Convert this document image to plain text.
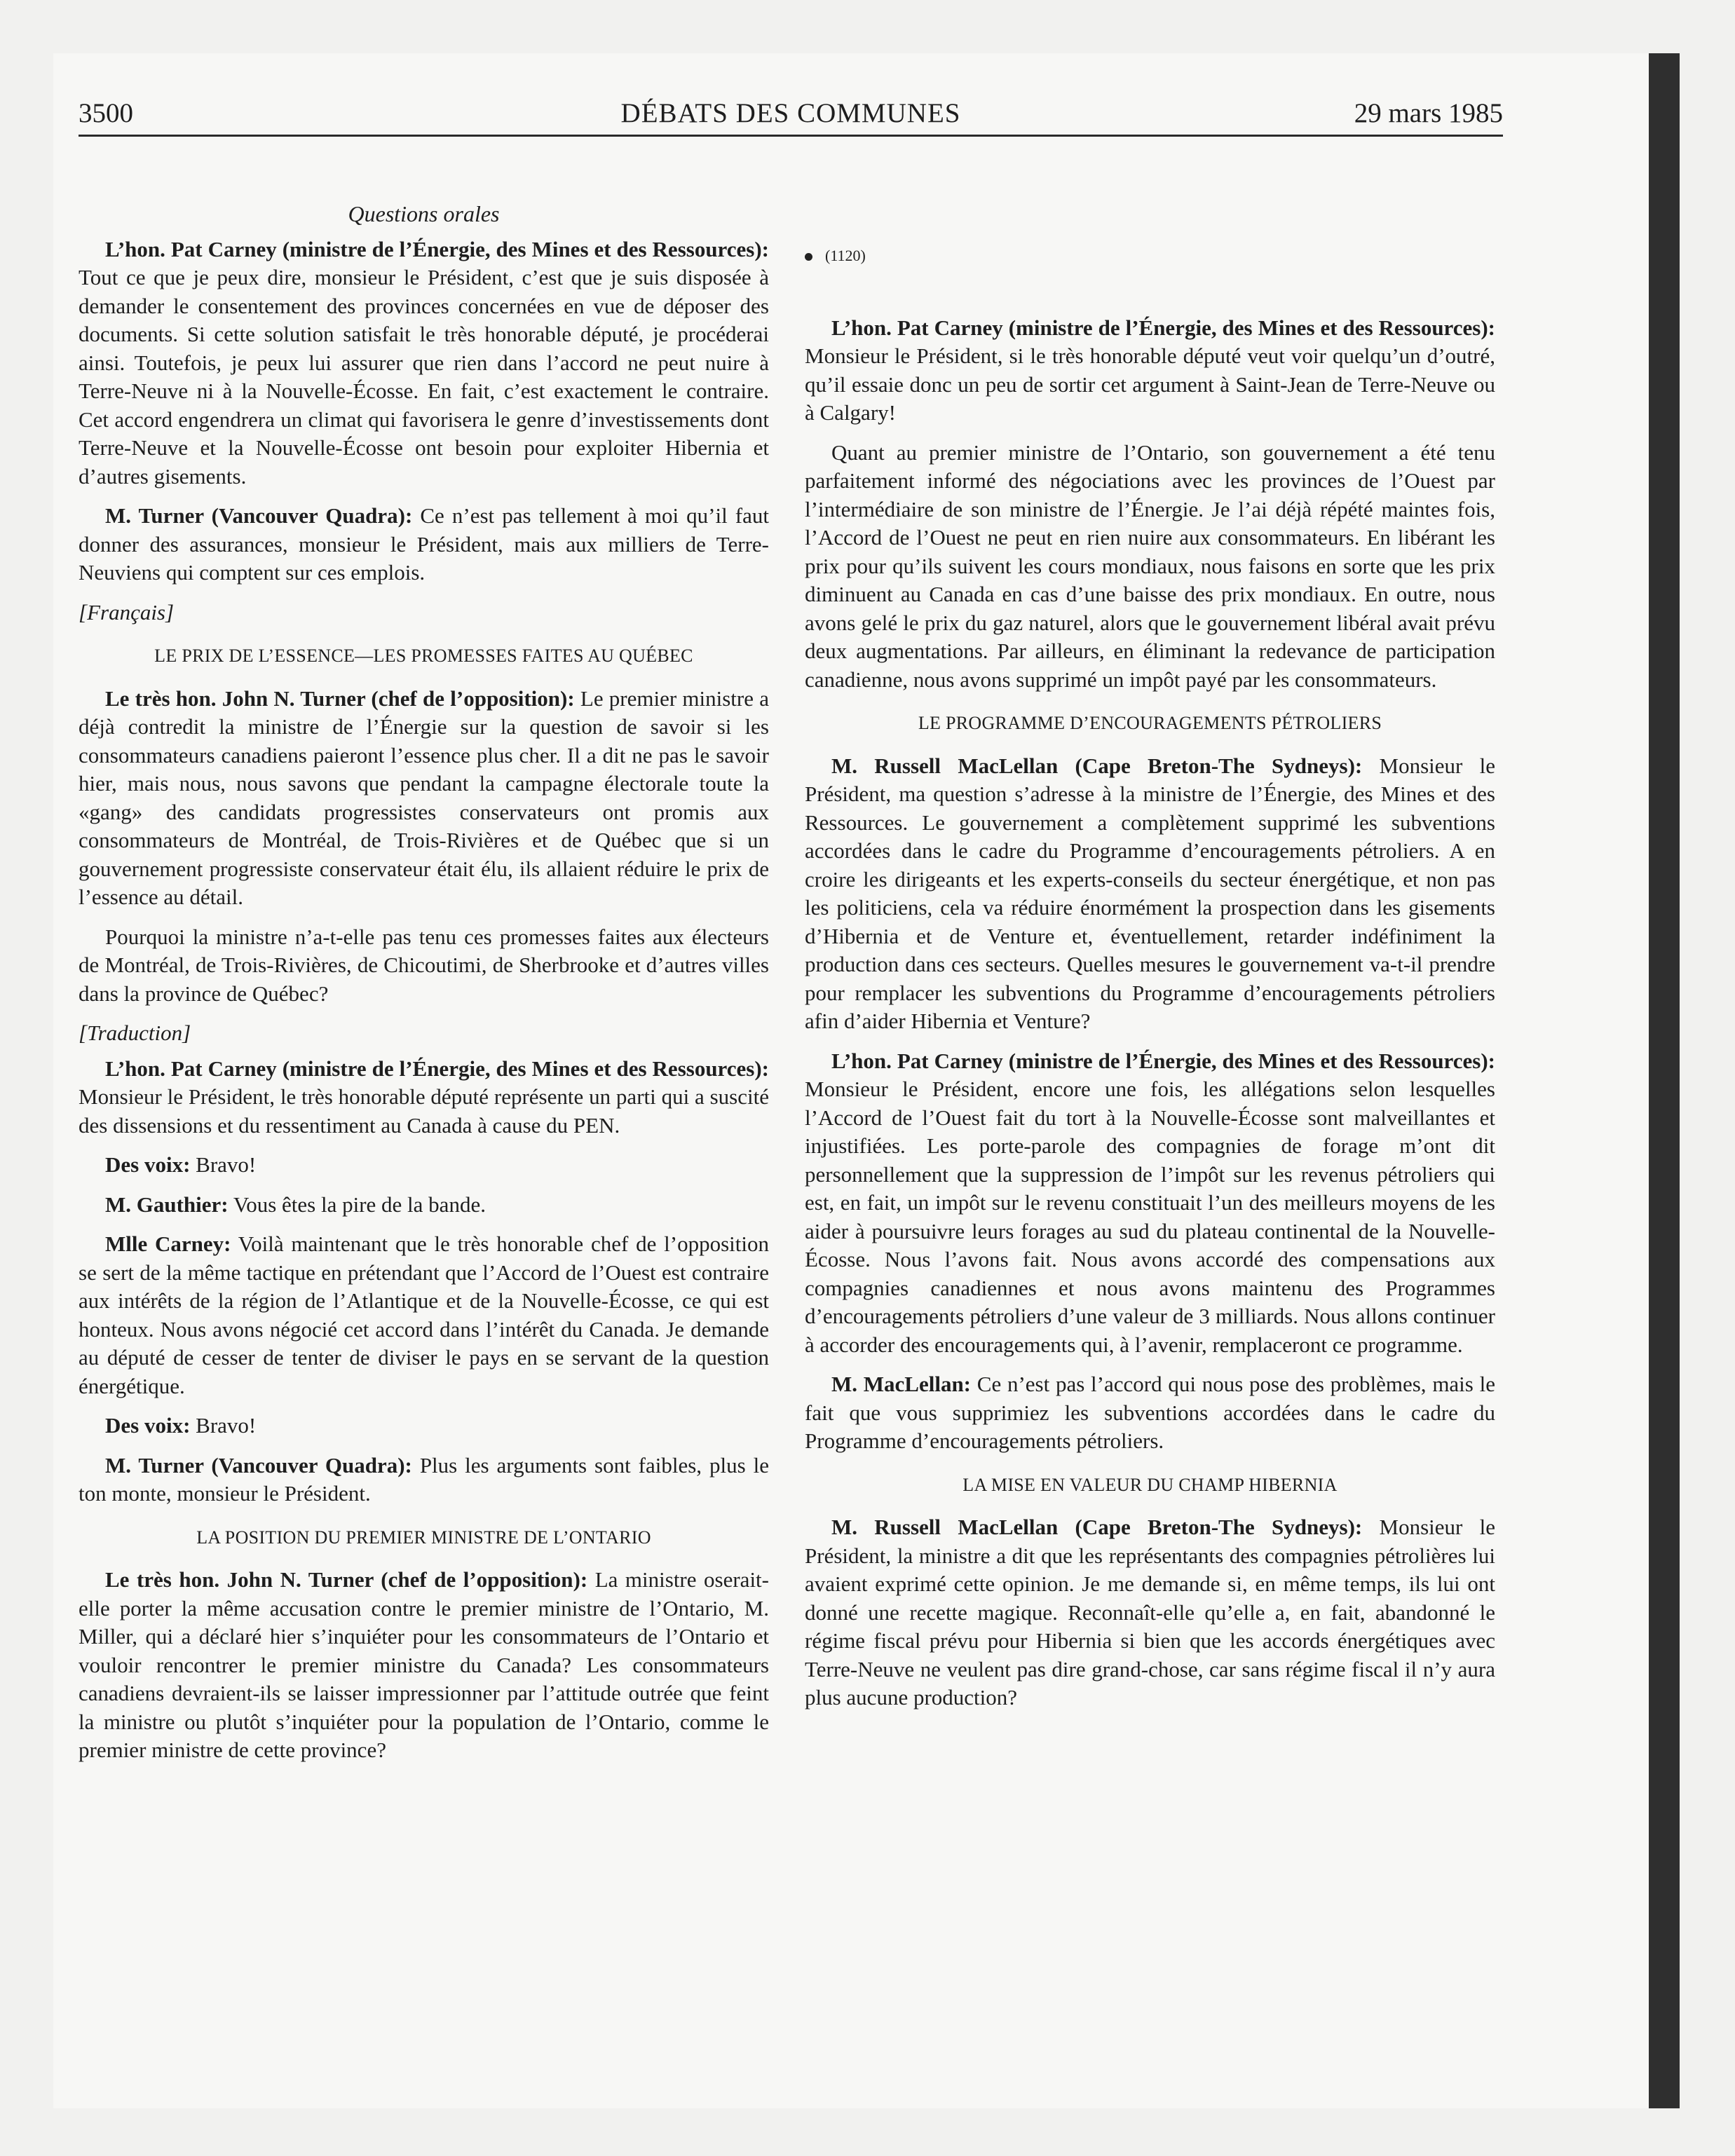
3500	DÉBATS DES COMMUNES	29 mars 1985
Questions orales

L’hon. Pat Carney (ministre de l’Énergie, des Mines et des Ressources): Tout ce que je peux dire, monsieur le Président, c’est que je suis disposée à demander le consentement des provinces concernées en vue de déposer des documents. Si cette solution satisfait le très honorable député, je procéderai ainsi. Toutefois, je peux lui assurer que rien dans l’accord ne peut nuire à Terre-Neuve ni à la Nouvelle-Écosse. En fait, c’est exactement le contraire. Cet accord engendrera un climat qui favorisera le genre d’investissements dont Terre-Neuve et la Nouvelle-Écosse ont besoin pour exploiter Hibernia et d’autres gisements.

M. Turner (Vancouver Quadra): Ce n’est pas tellement à moi qu’il faut donner des assurances, monsieur le Président, mais aux milliers de Terre-Neuviens qui comptent sur ces emplois.

[Français]
LE PRIX DE L’ESSENCE—LES PROMESSES FAITES AU QUÉBEC

Le très hon. John N. Turner (chef de l’opposition): Le premier ministre a déjà contredit la ministre de l’Énergie sur la question de savoir si les consommateurs canadiens paieront l’essence plus cher. Il a dit ne pas le savoir hier, mais nous, nous savons que pendant la campagne électorale toute la «gang» des candidats progressistes conservateurs ont promis aux consommateurs de Montréal, de Trois-Rivières et de Québec que si un gouvernement progressiste conservateur était élu, ils allaient réduire le prix de l’essence au détail.

Pourquoi la ministre n’a-t-elle pas tenu ces promesses faites aux électeurs de Montréal, de Trois-Rivières, de Chicoutimi, de Sherbrooke et d’autres villes dans la province de Québec?

[Traduction]

L’hon. Pat Carney (ministre de l’Énergie, des Mines et des Ressources): Monsieur le Président, le très honorable député représente un parti qui a suscité des dissensions et du ressentiment au Canada à cause du PEN.

Des voix: Bravo!

M. Gauthier: Vous êtes la pire de la bande.

Mlle Carney: Voilà maintenant que le très honorable chef de l’opposition se sert de la même tactique en prétendant que l’Accord de l’Ouest est contraire aux intérêts de la région de l’Atlantique et de la Nouvelle-Écosse, ce qui est honteux. Nous avons négocié cet accord dans l’intérêt du Canada. Je demande au député de cesser de tenter de diviser le pays en se servant de la question énergétique.

Des voix: Bravo!

M. Turner (Vancouver Quadra): Plus les arguments sont faibles, plus le ton monte, monsieur le Président.

LA POSITION DU PREMIER MINISTRE DE L’ONTARIO

Le très hon. John N. Turner (chef de l’opposition): La ministre oserait-elle porter la même accusation contre le premier ministre de l’Ontario, M. Miller, qui a déclaré hier s’inquiéter pour les consommateurs de l’Ontario et vouloir rencontrer le premier ministre du Canada? Les consommateurs canadiens devraient-ils se laisser impressionner par l’attitude outrée que feint la ministre ou plutôt s’inquiéter pour la population de l’Ontario, comme le premier ministre de cette province?

(1120)

L’hon. Pat Carney (ministre de l’Énergie, des Mines et des Ressources): Monsieur le Président, si le très honorable député veut voir quelqu’un d’outré, qu’il essaie donc un peu de sortir cet argument à Saint-Jean de Terre-Neuve ou à Calgary!

Quant au premier ministre de l’Ontario, son gouvernement a été tenu parfaitement informé des négociations avec les provinces de l’Ouest par l’intermédiaire de son ministre de l’Énergie. Je l’ai déjà répété maintes fois, l’Accord de l’Ouest ne peut en rien nuire aux consommateurs. En libérant les prix pour qu’ils suivent les cours mondiaux, nous faisons en sorte que les prix diminuent au Canada en cas d’une baisse des prix mondiaux. En outre, nous avons gelé le prix du gaz naturel, alors que le gouvernement libéral avait prévu deux augmentations. Par ailleurs, en éliminant la redevance de participation canadienne, nous avons supprimé un impôt payé par les consommateurs.

LE PROGRAMME D’ENCOURAGEMENTS PÉTROLIERS

M. Russell MacLellan (Cape Breton-The Sydneys): Monsieur le Président, ma question s’adresse à la ministre de l’Énergie, des Mines et des Ressources. Le gouvernement a complètement supprimé les subventions accordées dans le cadre du Programme d’encouragements pétroliers. A en croire les dirigeants et les experts-conseils du secteur énergétique, et non pas les politiciens, cela va réduire énormément la prospection dans les gisements d’Hibernia et de Venture et, éventuellement, retarder indéfiniment la production dans ces secteurs. Quelles mesures le gouvernement va-t-il prendre pour remplacer les subventions du Programme d’encouragements pétroliers afin d’aider Hibernia et Venture?

L’hon. Pat Carney (ministre de l’Énergie, des Mines et des Ressources): Monsieur le Président, encore une fois, les allégations selon lesquelles l’Accord de l’Ouest fait du tort à la Nouvelle-Écosse sont malveillantes et injustifiées. Les porte-parole des compagnies de forage m’ont dit personnellement que la suppression de l’impôt sur les revenus pétroliers qui est, en fait, un impôt sur le revenu constituait l’un des meilleurs moyens de les aider à poursuivre leurs forages au sud du plateau continental de la Nouvelle-Écosse. Nous l’avons fait. Nous avons accordé des compensations aux compagnies canadiennes et nous avons maintenu des Programmes d’encouragements pétroliers d’une valeur de 3 milliards. Nous allons continuer à accorder des encouragements qui, à l’avenir, remplaceront ce programme.

M. MacLellan: Ce n’est pas l’accord qui nous pose des problèmes, mais le fait que vous supprimiez les subventions accordées dans le cadre du Programme d’encouragements pétroliers.

LA MISE EN VALEUR DU CHAMP HIBERNIA

M. Russell MacLellan (Cape Breton-The Sydneys): Monsieur le Président, la ministre a dit que les représentants des compagnies pétrolières lui avaient exprimé cette opinion. Je me demande si, en même temps, ils lui ont donné une recette magique. Reconnaît-elle qu’elle a, en fait, abandonné le régime fiscal prévu pour Hibernia si bien que les accords énergétiques avec Terre-Neuve ne veulent pas dire grand-chose, car sans régime fiscal il n’y aura plus aucune production?
